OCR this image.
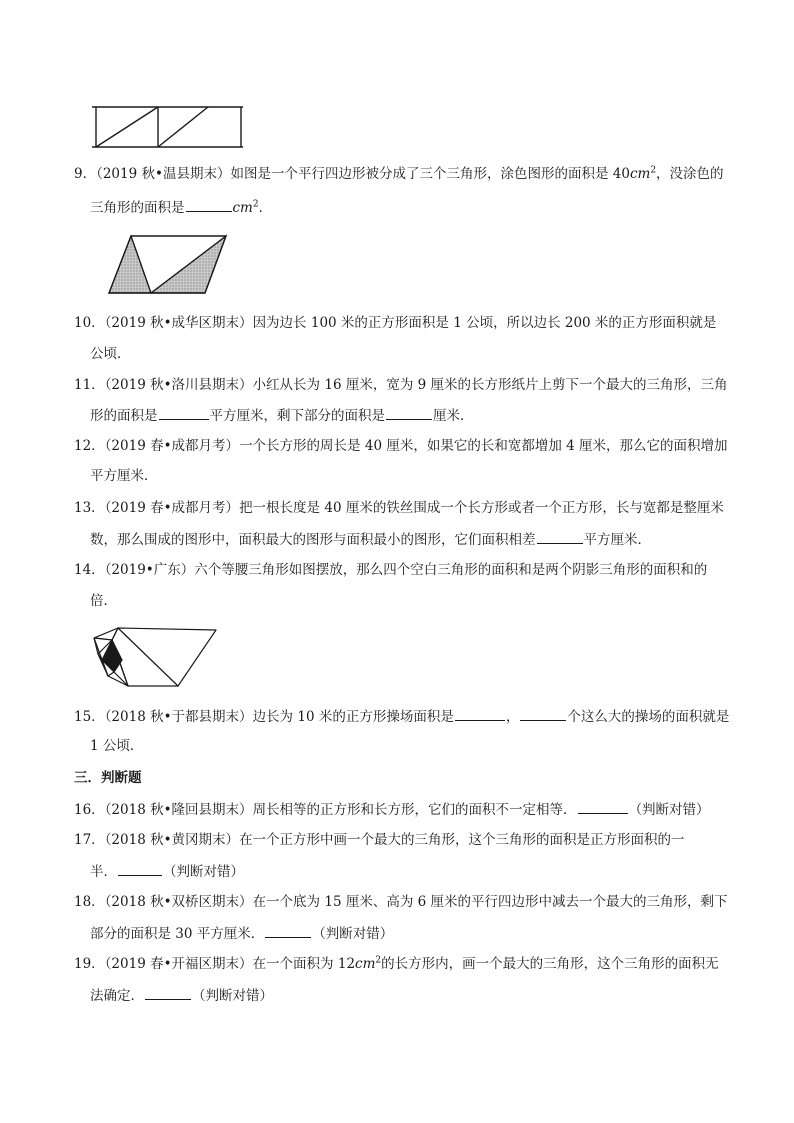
9．（2019 秋•温县期末）如图是一个平行四边形被分成了三个三角形，涂色图形的面积是 $40cm^2$，没涂色的
三角形的面积是	$cm^2$．
10．（2019 秋•成华区期末）因为边长 100 米的正方形面积是 1 公顷，所以边长 200 米的正方形面积就是
公顷．
11．（2019 秋•洛川县期末）小红从长为 16 厘米，宽为 9 厘米的长方形纸片上剪下一个最大的三角形，三角
形的面积是	平方厘米，剩下部分的面积是	厘米．
12．（2019 春•成都月考）一个长方形的周长是 40 厘米，如果它的长和宽都增加 4 厘米，那么它的面积增加
平方厘米．
13．（2019 春•成都月考）把一根长度是 40 厘米的铁丝围成一个长方形或者一个正方形，长与宽都是整厘米
数，那么围成的图形中，面积最大的图形与面积最小的图形，它们面积相差	平方厘米．
14．（2019•广东）六个等腰三角形如图摆放，那么四个空白三角形的面积和是两个阴影三角形的面积和的
倍．
15．（2018 秋•于都县期末）边长为 10 米的正方形操场面积是	，	个这么大的操场的面积就是
1 公顷．
三．判断题
16．（2018 秋•隆回县期末）周长相等的正方形和长方形，它们的面积不一定相等．	（判断对错）
17．（2018 秋•黄冈期末）在一个正方形中画一个最大的三角形，这个三角形的面积是正方形面积的一
半．	（判断对错）
18．（2018 秋•双桥区期末）在一个底为 15 厘米、高为 6 厘米的平行四边形中减去一个最大的三角形，剩下
部分的面积是 30 平方厘米．	（判断对错）
19．（2019 春•开福区期末）在一个面积为 $12cm^2$的长方形内，画一个最大的三角形，这个三角形的面积无
法确定．	（判断对错）
